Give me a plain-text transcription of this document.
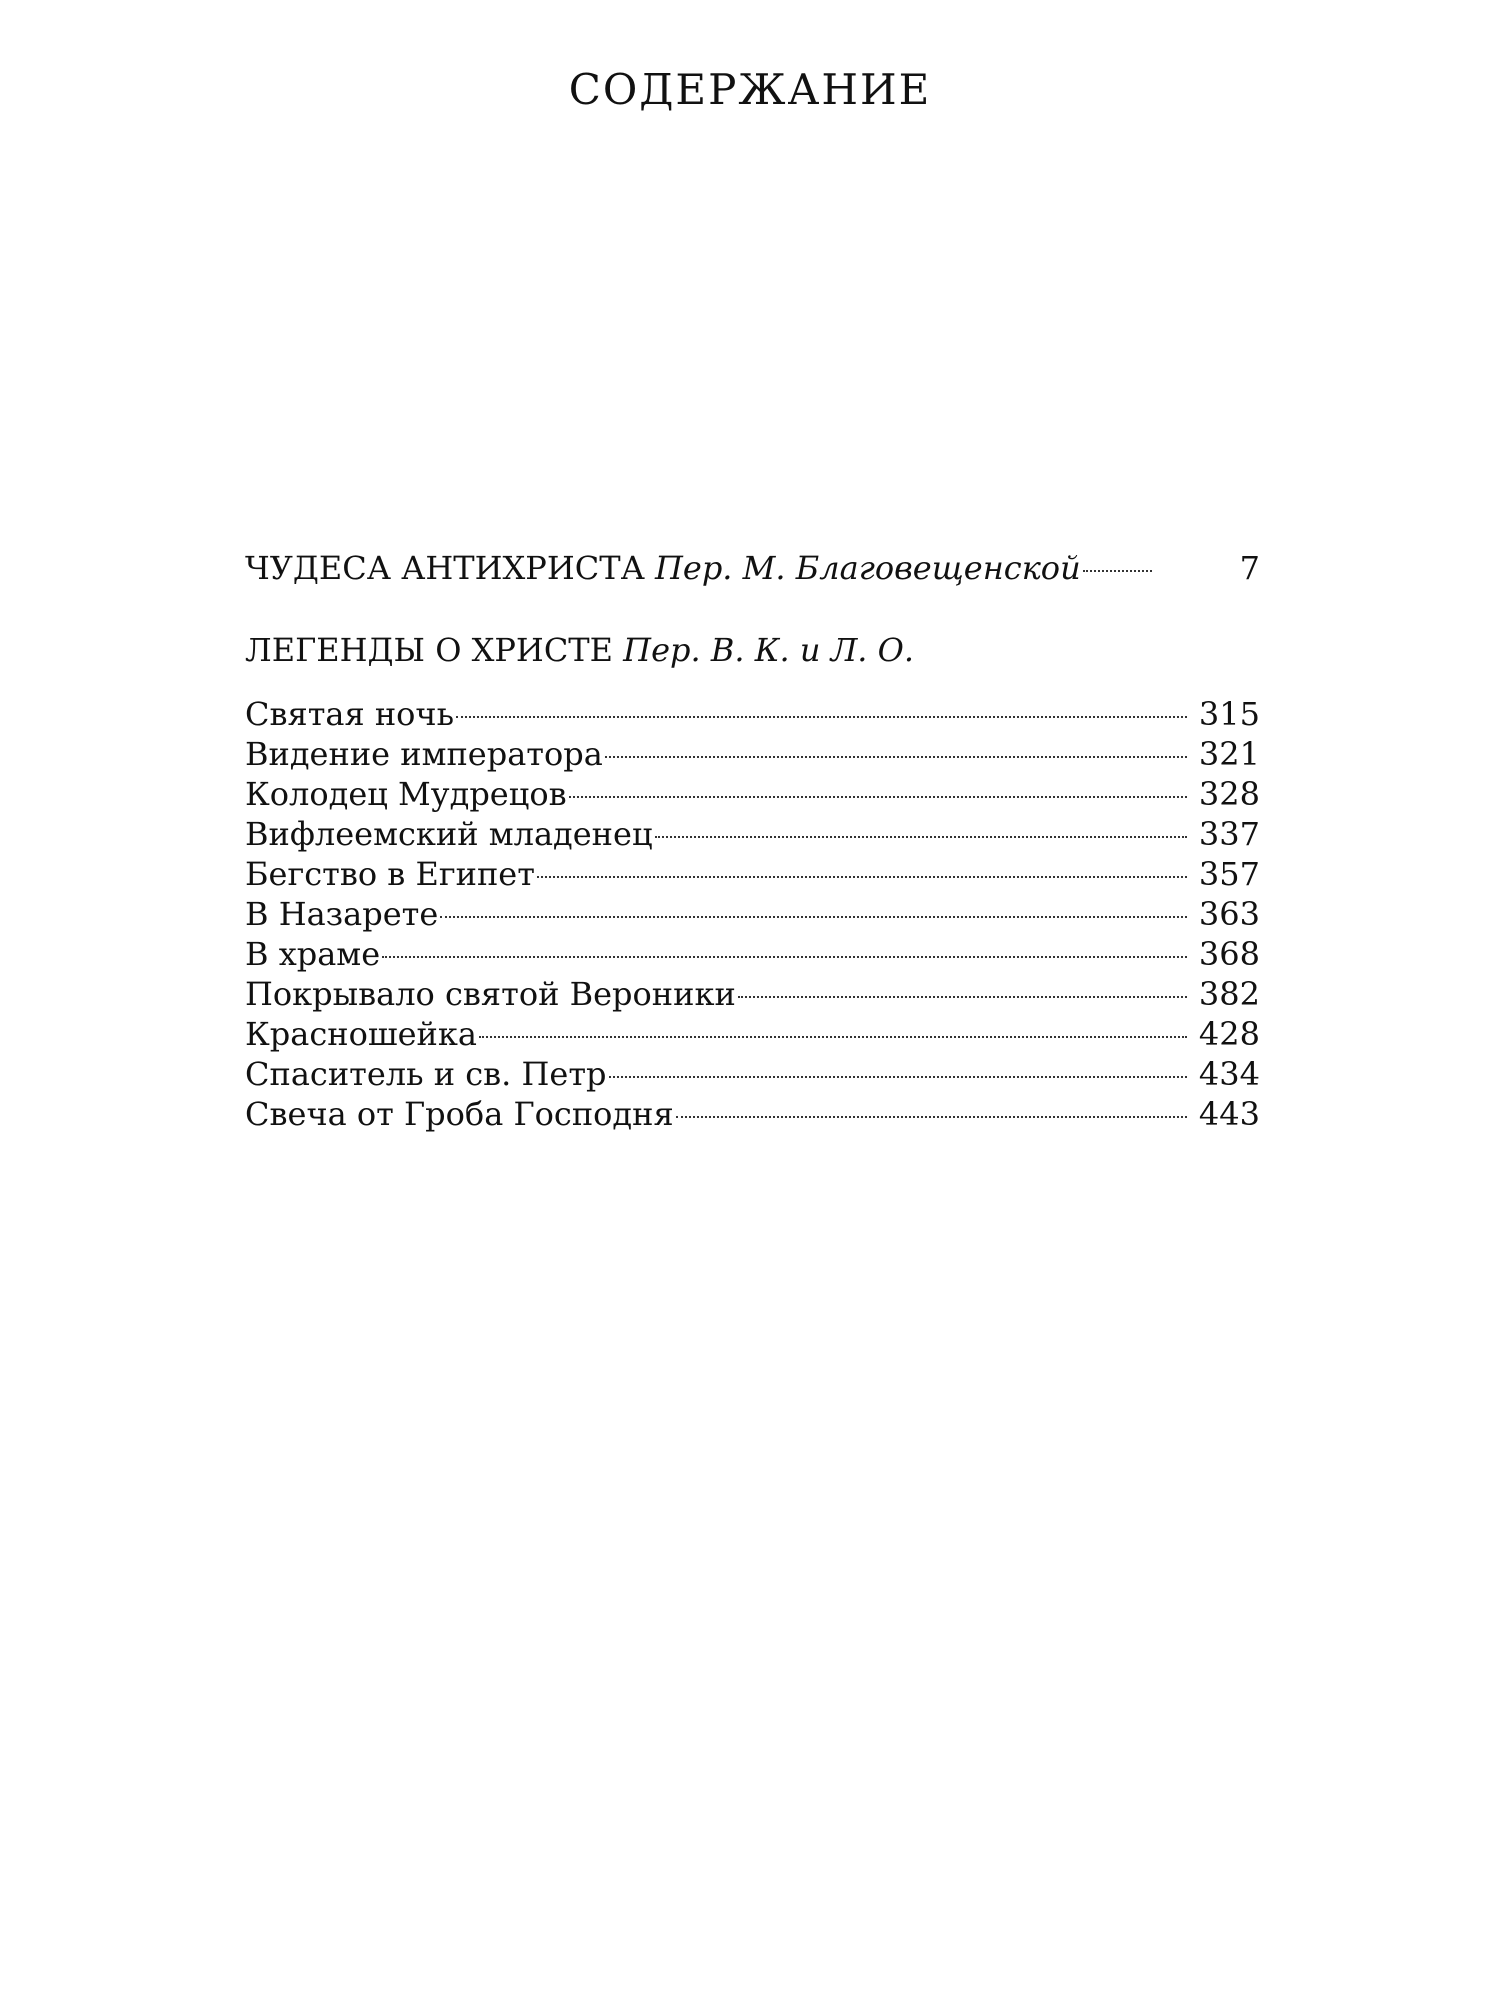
СОДЕРЖАНИЕ
ЧУДЕСА АНТИХРИСТА Пер. М. Благовещенской	7
ЛЕГЕНДЫ О ХРИСТЕ Пер. В. К. и Л. О.
Святая ночь	315
Видение императора	321
Колодец Мудрецов	328
Вифлеемский младенец	337
Бегство в Египет	357
В Назарете	363
В храме	368
Покрывало святой Вероники	382
Красношейка	428
Спаситель и св. Петр	434
Свеча от Гроба Господня	443
